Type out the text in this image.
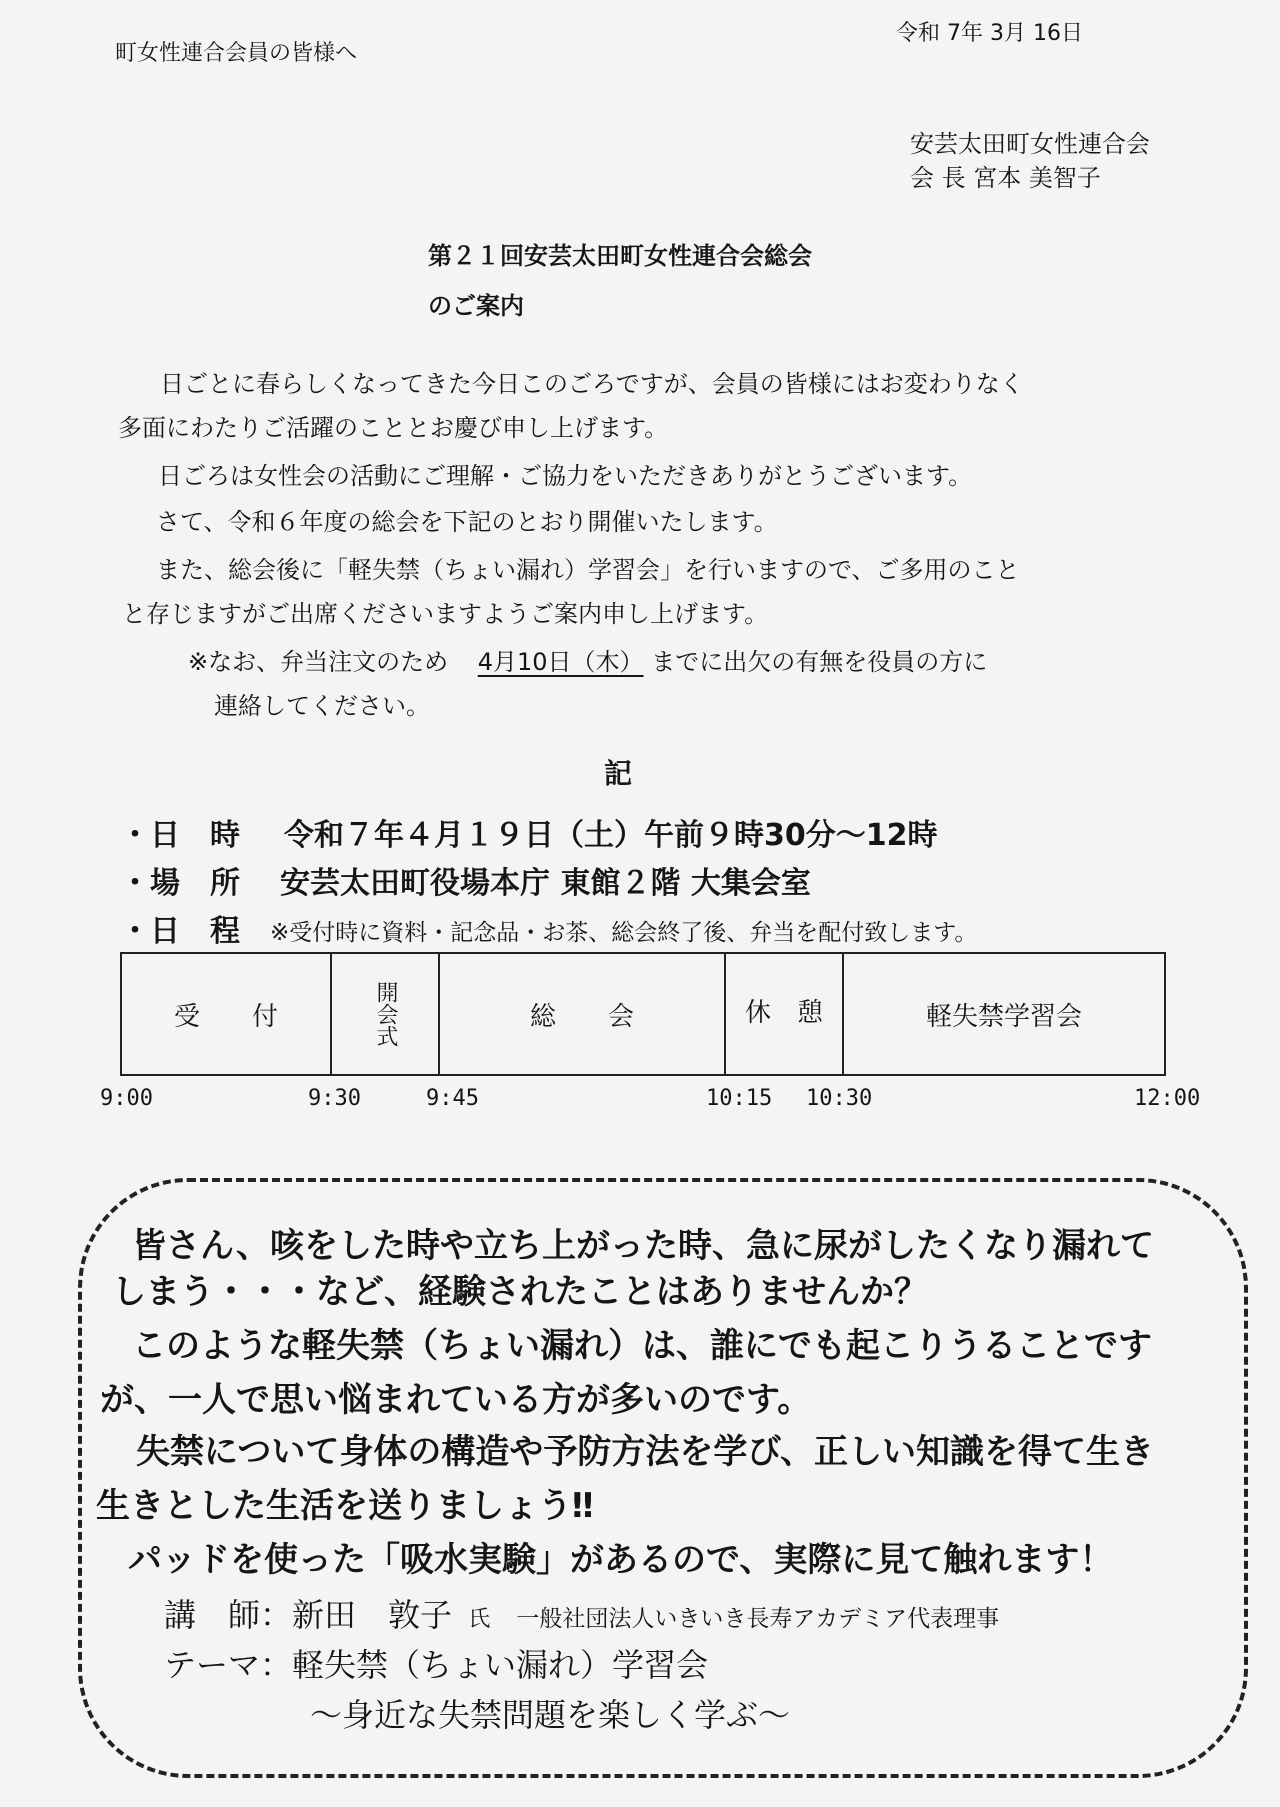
町女性連合会員の皆様へ
令和 7年 3月 16日
安芸太田町女性連合会
会 長 宮本 美智子
第２１回安芸太田町女性連合会総会
のご案内
日ごとに春らしくなってきた今日このごろですが、会員の皆様にはお変わりなく
多面にわたりご活躍のこととお慶び申し上げます。
日ごろは女性会の活動にご理解・ご協力をいただきありがとうございます。
さて、令和６年度の総会を下記のとおり開催いたします。
また、総会後に「軽失禁（ちょい漏れ）学習会」を行いますので、ご多用のこと
と存じますがご出席くださいますようご案内申し上げます。
※なお、弁当注文のため 4月10日（木） までに出欠の有無を役員の方に
連絡してください。
記
・日　時 令和７年４月１９日（土）午前９時30分～12時
・場　所 安芸太田町役場本庁 東館２階 大集会室
・日　程 ※受付時に資料・記念品・お茶、総会終了後、弁当を配付致します。
受　　付	開会式	総　　会	休　憩	軽失禁学習会
9:00	9:30	9:45	10:15 10:30	12:00
皆さん、咳をした時や立ち上がった時、急に尿がしたくなり漏れて
しまう・・・など、経験されたことはありませんか？
このような軽失禁（ちょい漏れ）は、誰にでも起こりうることです
が、一人で思い悩まれている方が多いのです。
失禁について身体の構造や予防方法を学び、正しい知識を得て生き
生きとした生活を送りましょう‼
パッドを使った「吸水実験」があるので、実際に見て触れます！
講　師：新田　敦子 氏 一般社団法人いきいき長寿アカデミア代表理事
テーマ：軽失禁（ちょい漏れ）学習会
～身近な失禁問題を楽しく学ぶ～
